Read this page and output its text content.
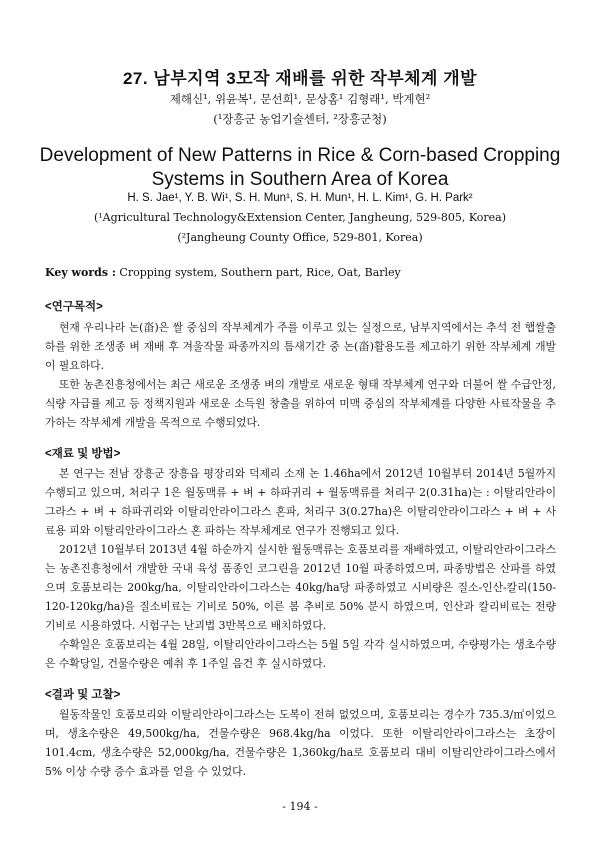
27. 남부지역 3모작 재배를 위한 작부체계 개발
제해신¹, 위윤복¹, 문선희¹, 문상홈¹ 김형래¹, 박계현²
(¹장흥군 농업기술센터, ²장흥군청)
Development of New Patterns in Rice & Corn-based Cropping
Systems in Southern Area of Korea
H. S. Jae¹, Y. B. Wi¹, S. H. Mun¹, S. H. Mun¹, H. L. Kim¹, G. H. Park²
(¹Agricultural Technology&Extension Center, Jangheung, 529-805, Korea)
(²Jangheung County Office, 529-801, Korea)
Key words : Cropping system, Southern part, Rice, Oat, Barley
<연구목적>
현재 우리나라 논(畓)은 쌀 중심의 작부체계가 주를 이루고 있는 실정으로, 남부지역에서는 추석 전 햅쌀출하를 위한 조생종 벼 재배 후 겨울작물 파종까지의 틈새기간 중 논(畓)활용도를 제고하기 위한 작부체계 개발이 필요하다.
또한 농촌진흥청에서는 최근 새로운 조생종 벼의 개발로 새로운 형태 작부체계 연구와 더불어 쌀 수급안정, 식량 자급률 제고 등 정책지원과 새로운 소득원 창출을 위하여 미맥 중심의 작부체계를 다양한 사료작물을 추가하는 작부체계 개발을 목적으로 수행되었다.
<재료 및 방법>
본 연구는 전남 장흥군 장흥읍 평장리와 덕제리 소재 논 1.46ha에서 2012년 10월부터 2014년 5월까지 수행되고 있으며, 처리구 1은 월동맥류 + 벼 + 하파귀리 + 월동맥류를 처리구 2(0.31ha)는 : 이탈리안라이그라스 + 벼 + 하파귀리와 이탈리안라이그라스 혼파, 처리구 3(0.27ha)은 이탈리안라이그라스 + 벼 + 사료용 피와 이탈리안라이그라스 혼 파하는 작부체계로 연구가 진행되고 있다.
2012년 10월부터 2013년 4월 하순까지 실시한 월동맥류는 호품보리를 재배하였고, 이탈리안라이그라스는 농촌진흥청에서 개발한 국내 육성 품종인 코그린을 2012년 10월 파종하였으며, 파종방법은 산파를 하였으며 호품보리는 200kg/ha, 이탈리안라이그라스는 40kg/ha당 파종하였고 시비량은 질소-인산-칼리(150-120-120kg/ha)을 질소비료는 기비로 50%, 이른 봄 추비로 50% 분시 하였으며, 인산과 칼리비료는 전량 기비로 시용하였다. 시험구는 난괴법 3반복으로 배치하였다.
수확일은 호품보리는 4월 28일, 이탈리안라이그라스는 5월 5일 각각 실시하였으며, 수량평가는 생초수량은 수확당일, 건물수량은 예취 후 1주일 음건 후 실시하였다.
<결과 및 고찰>
월동작물인 호품보리와 이탈리안라이그라스는 도복이 전혀 없었으며, 호품보리는 경수가 735.3/㎡이었으며, 생초수량은 49,500kg/ha, 건물수량은 968.4kg/ha 이었다. 또한 이탈리안라이그라스는 초장이 101.4cm, 생초수량은 52,000kg/ha, 건물수량은 1,360kg/ha로 호품보리 대비 이탈리안라이그라스에서 5% 이상 수량 증수 효과를 얻을 수 있었다.
- 194 -
